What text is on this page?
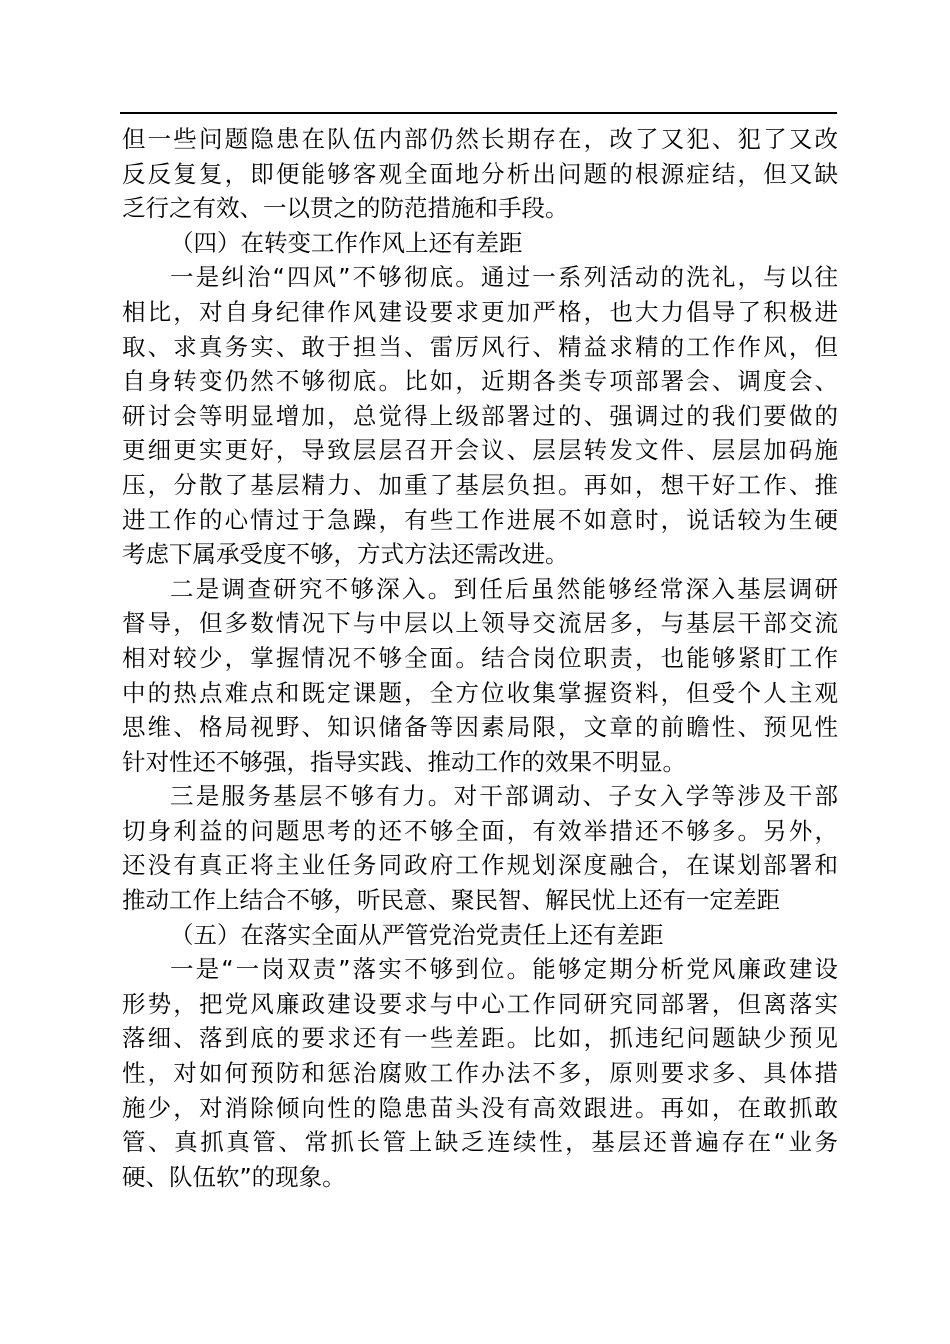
但一些问题隐患在队伍内部仍然长期存在，改了又犯、犯了又改
反反复复，即便能够客观全面地分析出问题的根源症结，但又缺
乏行之有效、一以贯之的防范措施和手段。
（四）在转变工作作风上还有差距
一是纠治“四风”不够彻底。通过一系列活动的洗礼，与以往
相比，对自身纪律作风建设要求更加严格，也大力倡导了积极进
取、求真务实、敢于担当、雷厉风行、精益求精的工作作风，但
自身转变仍然不够彻底。比如，近期各类专项部署会、调度会、
研讨会等明显增加，总觉得上级部署过的、强调过的我们要做的
更细更实更好，导致层层召开会议、层层转发文件、层层加码施
压，分散了基层精力、加重了基层负担。再如，想干好工作、推
进工作的心情过于急躁，有些工作进展不如意时，说话较为生硬
考虑下属承受度不够，方式方法还需改进。
二是调查研究不够深入。到任后虽然能够经常深入基层调研
督导，但多数情况下与中层以上领导交流居多，与基层干部交流
相对较少，掌握情况不够全面。结合岗位职责，也能够紧盯工作
中的热点难点和既定课题，全方位收集掌握资料，但受个人主观
思维、格局视野、知识储备等因素局限，文章的前瞻性、预见性
针对性还不够强，指导实践、推动工作的效果不明显。
三是服务基层不够有力。对干部调动、子女入学等涉及干部
切身利益的问题思考的还不够全面，有效举措还不够多。另外，
还没有真正将主业任务同政府工作规划深度融合，在谋划部署和
推动工作上结合不够，听民意、聚民智、解民忧上还有一定差距
（五）在落实全面从严管党治党责任上还有差距
一是“一岗双责”落实不够到位。能够定期分析党风廉政建设
形势，把党风廉政建设要求与中心工作同研究同部署，但离落实
落细、落到底的要求还有一些差距。比如，抓违纪问题缺少预见
性，对如何预防和惩治腐败工作办法不多，原则要求多、具体措
施少，对消除倾向性的隐患苗头没有高效跟进。再如，在敢抓敢
管、真抓真管、常抓长管上缺乏连续性，基层还普遍存在“业务
硬、队伍软”的现象。
